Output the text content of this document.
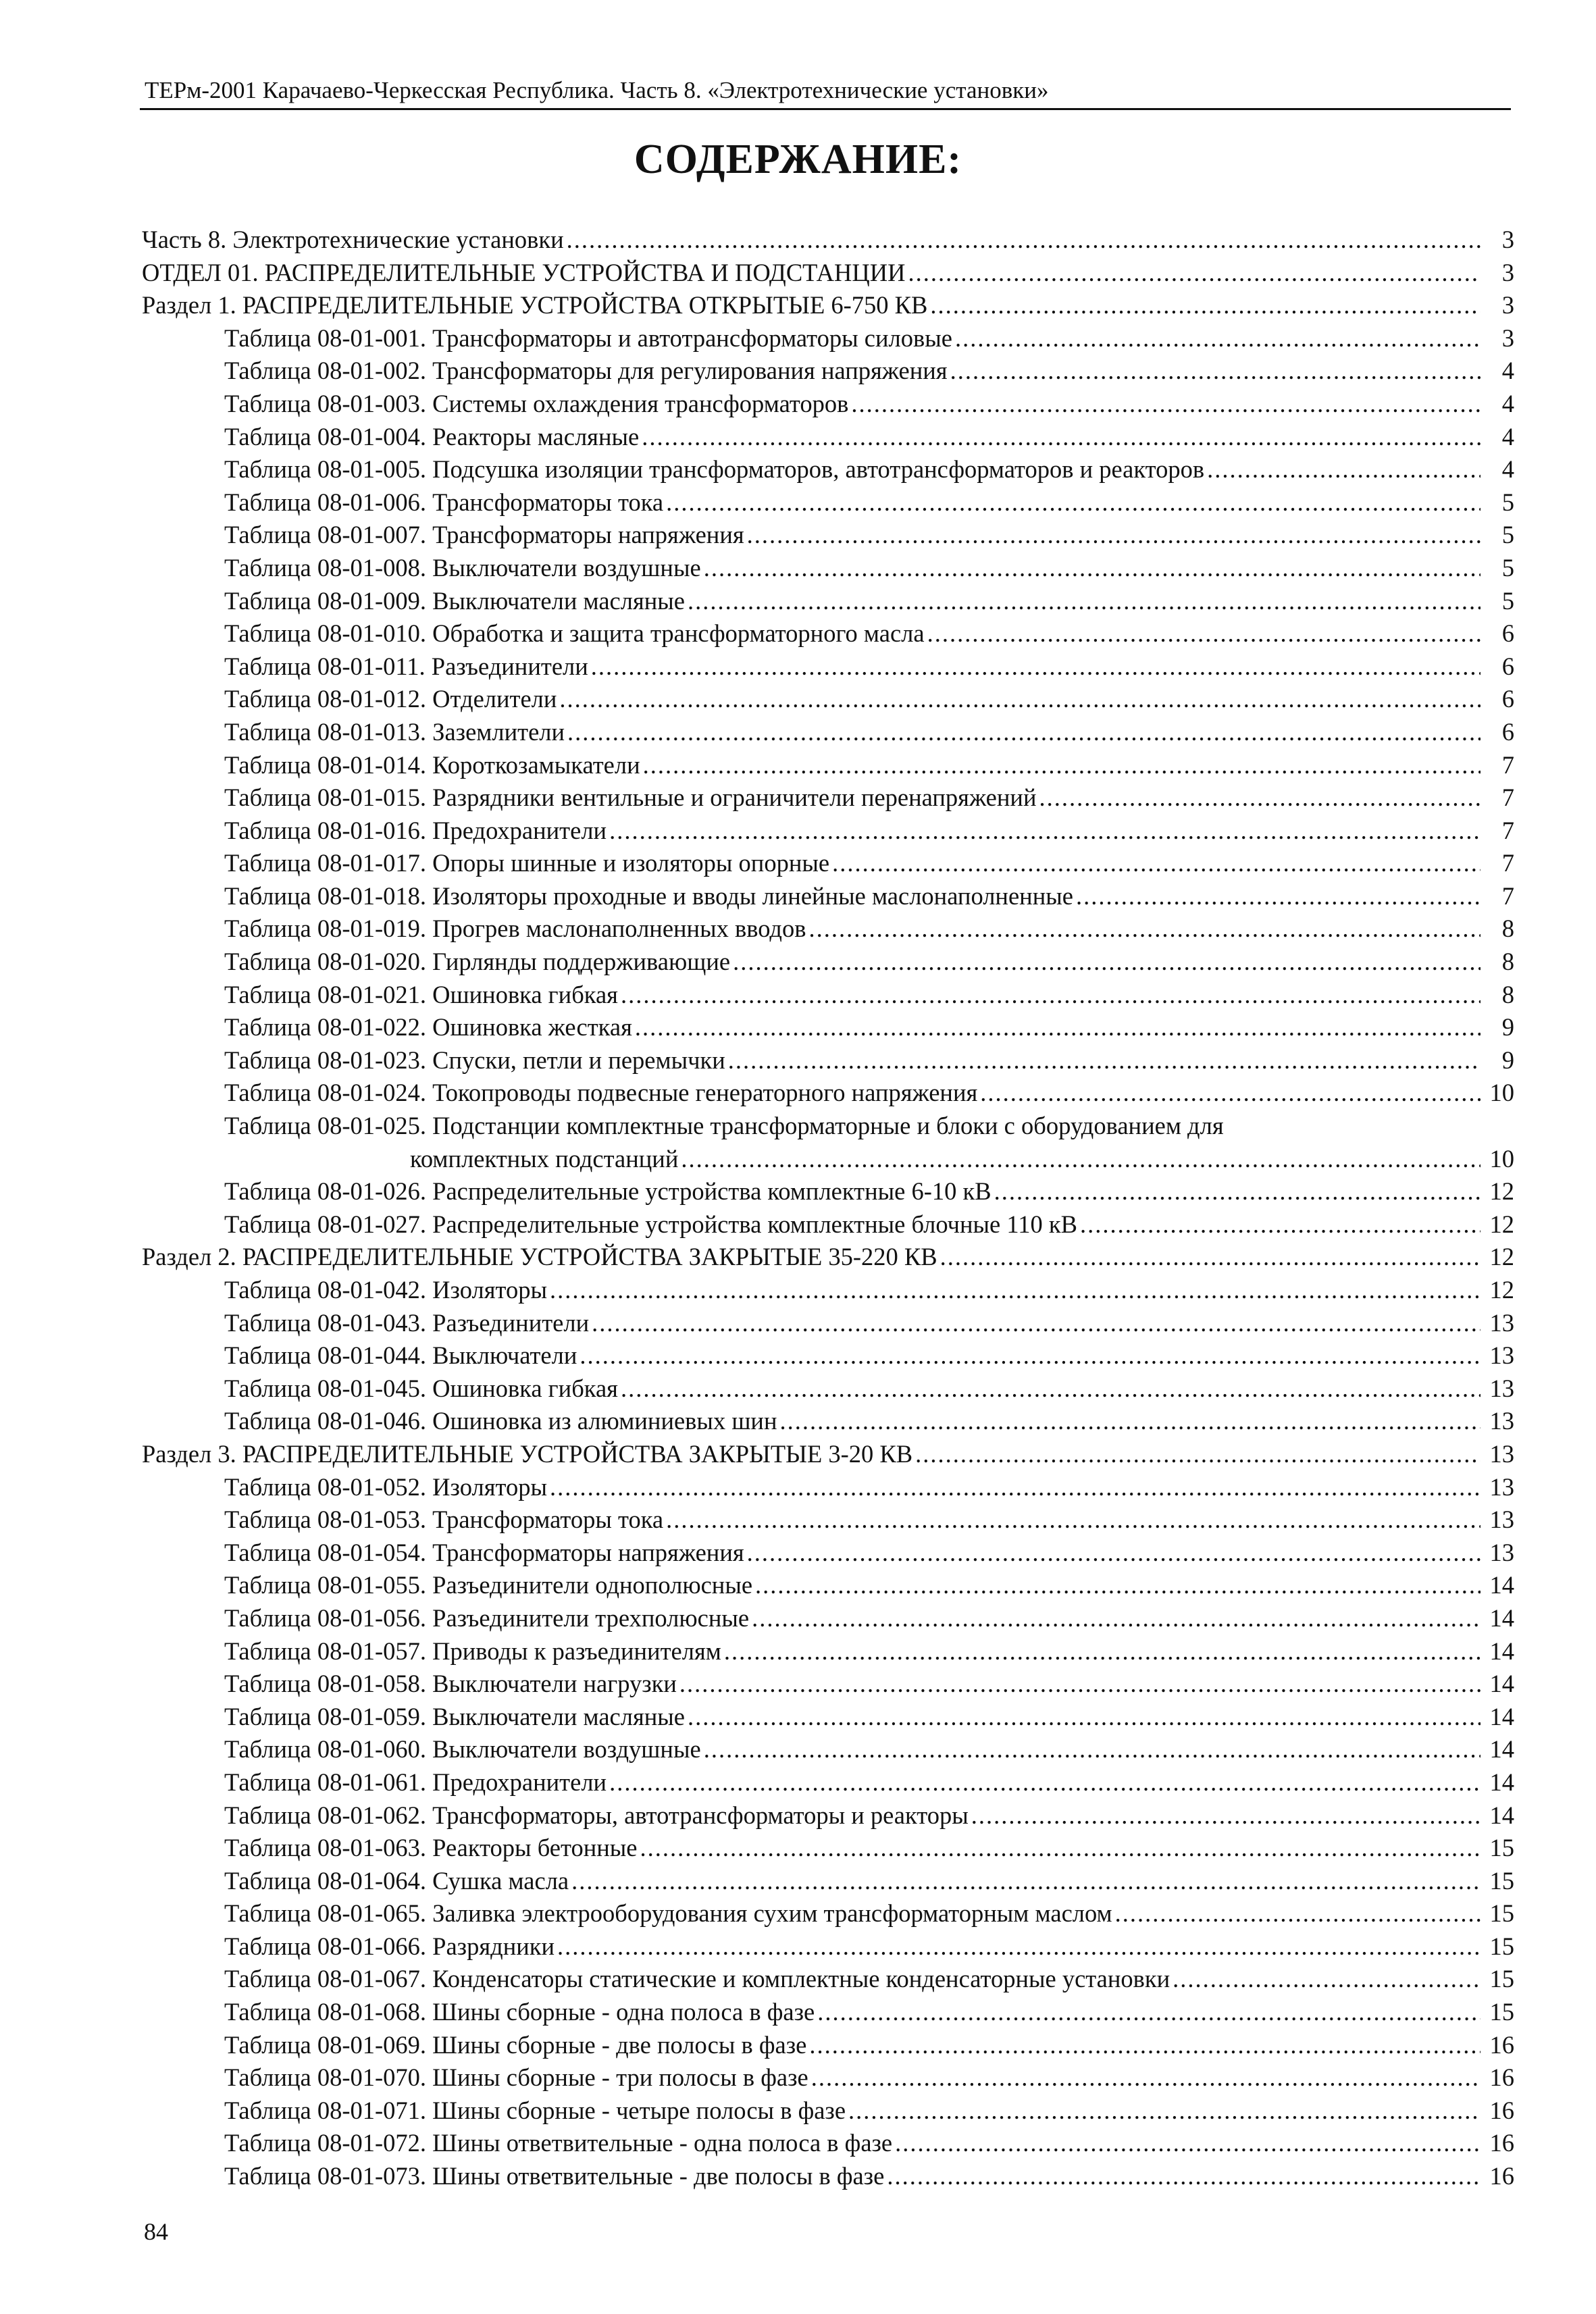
ТЕРм-2001 Карачаево-Черкесская Республика. Часть 8. «Электротехнические установки»
СОДЕРЖАНИЕ:
Часть 8. Электротехнические установки .....	3
ОТДЕЛ 01. РАСПРЕДЕЛИТЕЛЬНЫЕ УСТРОЙСТВА И ПОДСТАНЦИИ .....	3
Раздел 1. РАСПРЕДЕЛИТЕЛЬНЫЕ УСТРОЙСТВА ОТКРЫТЫЕ 6-750 КВ .....	3
Таблица 08-01-001. Трансформаторы и автотрансформаторы силовые .....	3
Таблица 08-01-002. Трансформаторы для регулирования напряжения .....	4
Таблица 08-01-003. Системы охлаждения трансформаторов .....	4
Таблица 08-01-004. Реакторы масляные .....	4
Таблица 08-01-005. Подсушка изоляции трансформаторов, автотрансформаторов и реакторов .....	4
Таблица 08-01-006. Трансформаторы тока .....	5
Таблица 08-01-007. Трансформаторы напряжения .....	5
Таблица 08-01-008. Выключатели воздушные .....	5
Таблица 08-01-009. Выключатели масляные .....	5
Таблица 08-01-010. Обработка и защита трансформаторного масла .....	6
Таблица 08-01-011. Разъединители .....	6
Таблица 08-01-012. Отделители .....	6
Таблица 08-01-013. Заземлители .....	6
Таблица 08-01-014. Короткозамыкатели .....	7
Таблица 08-01-015. Разрядники вентильные и ограничители перенапряжений .....	7
Таблица 08-01-016. Предохранители .....	7
Таблица 08-01-017. Опоры шинные и изоляторы опорные .....	7
Таблица 08-01-018. Изоляторы проходные и вводы линейные маслонаполненные .....	7
Таблица 08-01-019. Прогрев маслонаполненных вводов .....	8
Таблица 08-01-020. Гирлянды поддерживающие .....	8
Таблица 08-01-021. Ошиновка гибкая .....	8
Таблица 08-01-022. Ошиновка жесткая .....	9
Таблица 08-01-023. Спуски, петли и перемычки .....	9
Таблица 08-01-024. Токопроводы подвесные генераторного напряжения .....	10
Таблица 08-01-025. Подстанции комплектные трансформаторные и блоки с оборудованием для
комплектных подстанций .....	10
Таблица 08-01-026. Распределительные устройства комплектные 6-10 кВ .....	12
Таблица 08-01-027. Распределительные устройства комплектные блочные 110 кВ .....	12
Раздел 2. РАСПРЕДЕЛИТЕЛЬНЫЕ УСТРОЙСТВА ЗАКРЫТЫЕ 35-220 КВ .....	12
Таблица 08-01-042. Изоляторы .....	12
Таблица 08-01-043. Разъединители .....	13
Таблица 08-01-044. Выключатели .....	13
Таблица 08-01-045. Ошиновка гибкая .....	13
Таблица 08-01-046. Ошиновка из алюминиевых шин .....	13
Раздел 3. РАСПРЕДЕЛИТЕЛЬНЫЕ УСТРОЙСТВА ЗАКРЫТЫЕ 3-20 КВ .....	13
Таблица 08-01-052. Изоляторы .....	13
Таблица 08-01-053. Трансформаторы тока .....	13
Таблица 08-01-054. Трансформаторы напряжения .....	13
Таблица 08-01-055. Разъединители однополюсные .....	14
Таблица 08-01-056. Разъединители трехполюсные .....	14
Таблица 08-01-057. Приводы к разъединителям .....	14
Таблица 08-01-058. Выключатели нагрузки .....	14
Таблица 08-01-059. Выключатели масляные .....	14
Таблица 08-01-060. Выключатели воздушные .....	14
Таблица 08-01-061. Предохранители .....	14
Таблица 08-01-062. Трансформаторы, автотрансформаторы и реакторы .....	14
Таблица 08-01-063. Реакторы бетонные .....	15
Таблица 08-01-064. Сушка масла .....	15
Таблица 08-01-065. Заливка электрооборудования сухим трансформаторным маслом .....	15
Таблица 08-01-066. Разрядники .....	15
Таблица 08-01-067. Конденсаторы статические и комплектные конденсаторные установки .....	15
Таблица 08-01-068. Шины сборные - одна полоса в фазе .....	15
Таблица 08-01-069. Шины сборные - две полосы в фазе .....	16
Таблица 08-01-070. Шины сборные - три полосы в фазе .....	16
Таблица 08-01-071. Шины сборные - четыре полосы в фазе .....	16
Таблица 08-01-072. Шины ответвительные - одна полоса в фазе .....	16
Таблица 08-01-073. Шины ответвительные - две полосы в фазе .....	16
84
